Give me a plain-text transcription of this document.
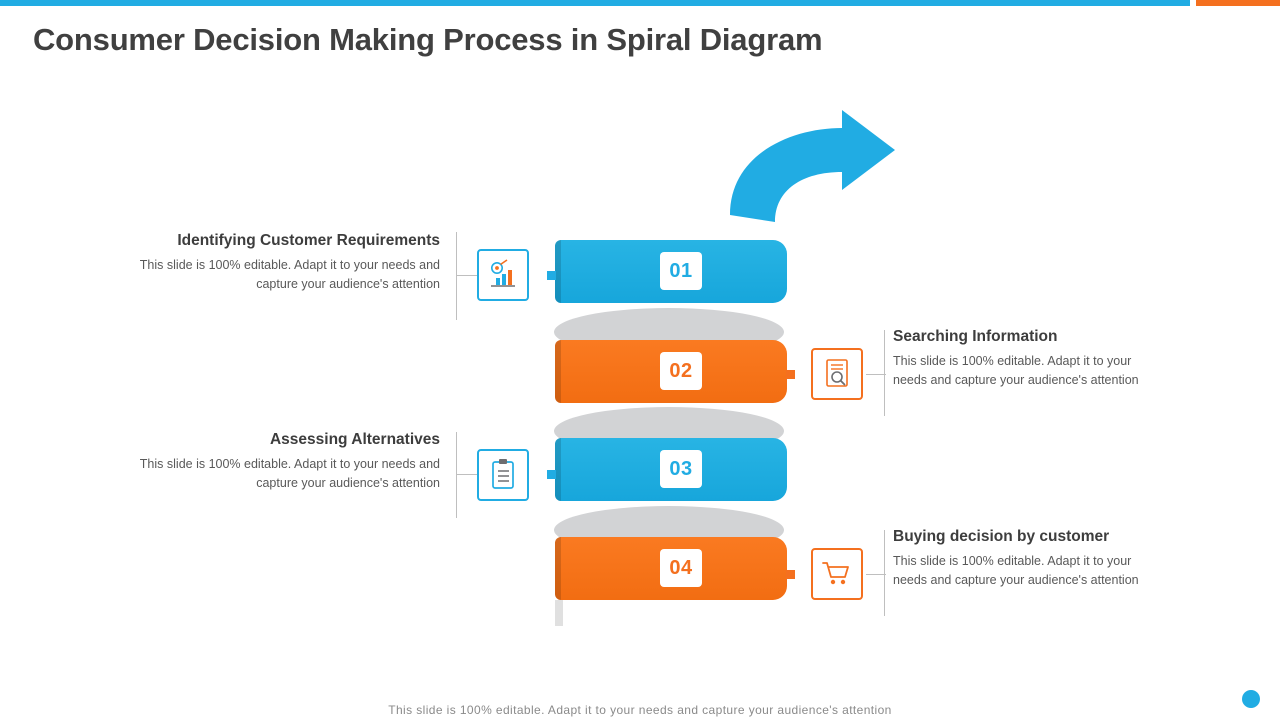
Consumer Decision Making Process in Spiral Diagram
01
02
03
04
Identifying Customer Requirements
This slide is 100% editable. Adapt it to your needs and capture your audience's attention
Searching Information
This slide is 100% editable. Adapt it to your needs and capture your audience's attention
Assessing Alternatives
This slide is 100% editable. Adapt it to your needs and capture your audience's attention
Buying decision by customer
This slide is 100% editable. Adapt it to your needs and capture your audience's attention
This slide is 100% editable. Adapt it to your needs and capture your audience's attention
